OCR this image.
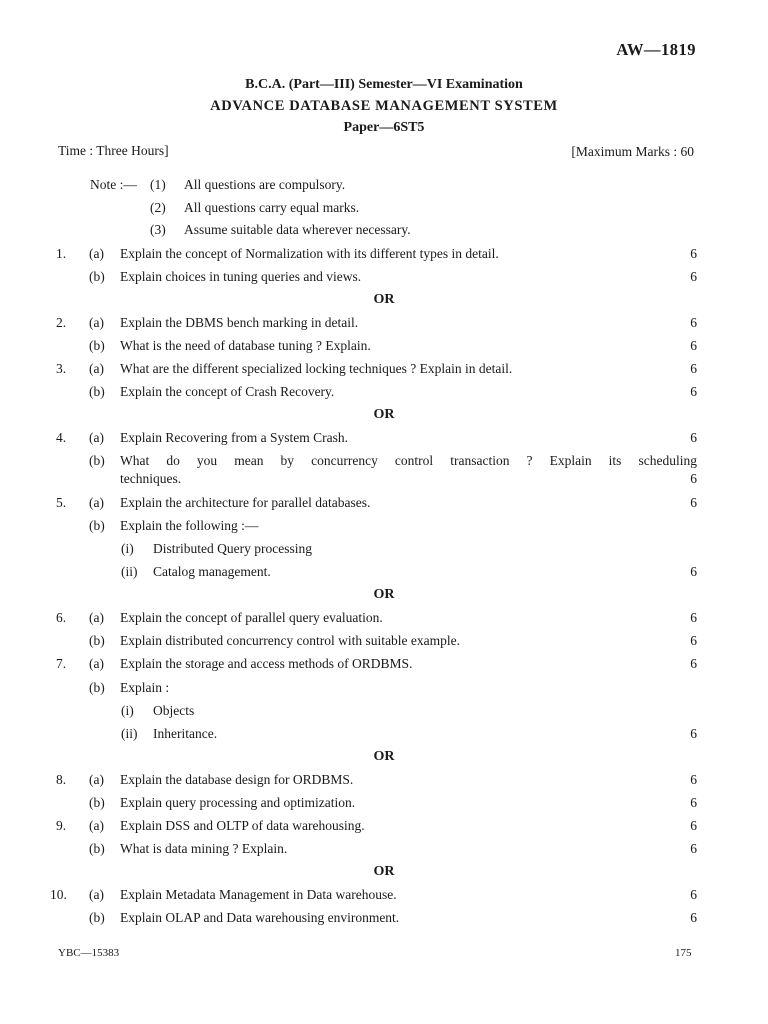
AW—1819
B.C.A. (Part—III) Semester—VI Examination
ADVANCE DATABASE MANAGEMENT SYSTEM
Paper—6ST5
Time : Three Hours]	[Maximum Marks : 60
Note :— (1) All questions are compulsory.
(2) All questions carry equal marks.
(3) Assume suitable data wherever necessary.
1. (a) Explain the concept of Normalization with its different types in detail.	6
(b) Explain choices in tuning queries and views.	6
OR
2. (a) Explain the DBMS bench marking in detail.	6
(b) What is the need of database tuning ? Explain.	6
3. (a) What are the different specialized locking techniques ? Explain in detail.	6
(b) Explain the concept of Crash Recovery.	6
OR
4. (a) Explain Recovering from a System Crash.	6
(b) What do you mean by concurrency control transaction ? Explain its scheduling
techniques.	6
5. (a) Explain the architecture for parallel databases.	6
(b) Explain the following :—
(i) Distributed Query processing
(ii) Catalog management.	6
OR
6. (a) Explain the concept of parallel query evaluation.	6
(b) Explain distributed concurrency control with suitable example.	6
7. (a) Explain the storage and access methods of ORDBMS.	6
(b) Explain :
(i) Objects
(ii) Inheritance.	6
OR
8. (a) Explain the database design for ORDBMS.	6
(b) Explain query processing and optimization.	6
9. (a) Explain DSS and OLTP of data warehousing.	6
(b) What is data mining ? Explain.	6
OR
10. (a) Explain Metadata Management in Data warehouse.	6
(b) Explain OLAP and Data warehousing environment.	6
YBC—15383	175
